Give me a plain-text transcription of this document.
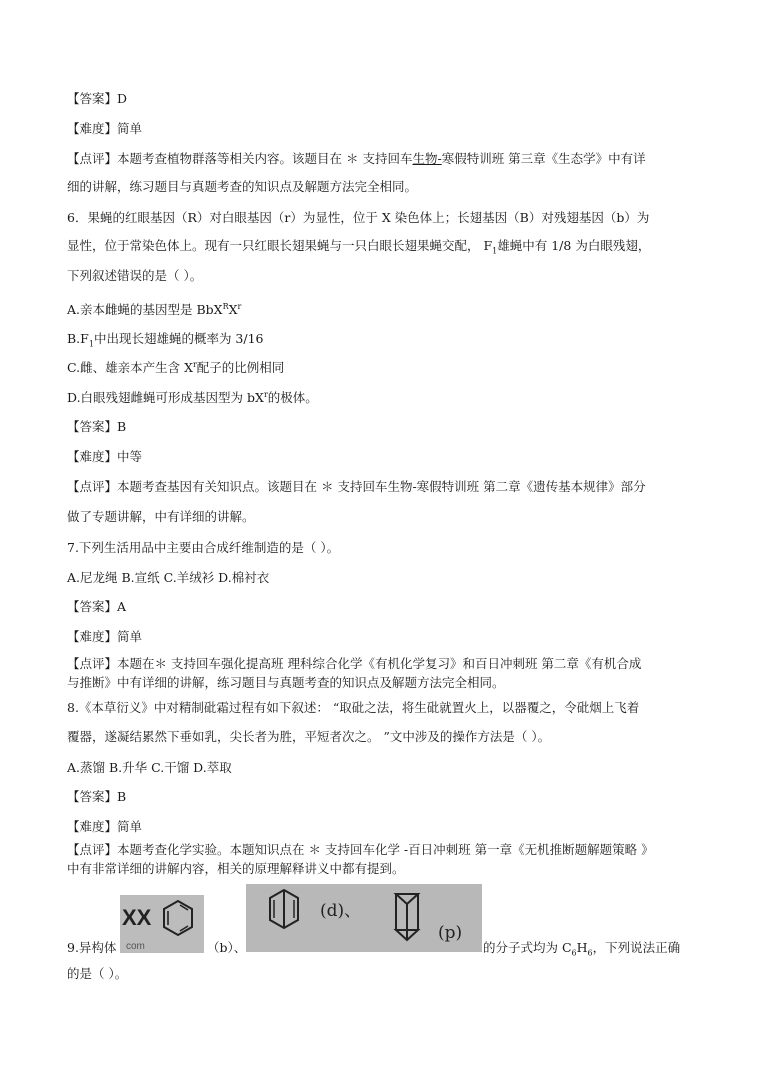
【答案】D

【难度】简单

【点评】本题考查植物群落等相关内容。该题目在 ＊ 支持回车生物-寒假特训班 第三章《生态学》中有详

细的讲解，练习题目与真题考查的知识点及解题方法完全相同。

6．果蝇的红眼基因（R）对白眼基因（r）为显性，位于 X 染色体上；长翅基因（B）对残翅基因（b）为

显性，位于常染色体上。现有一只红眼长翅果蝇与一只白眼长翅果蝇交配， $F_1$雄蝇中有 1/8 为白眼残翅，

下列叙述错误的是（ ）。

A.亲本雌蝇的基因型是 $BbX^RX^r$

$B.F_1$中出现长翅雄蝇的概率为 3/16

C.雌、雄亲本产生含 $X^r$配子的比例相同

D.白眼残翅雌蝇可形成基因型为 $bX^r$的极体。

【答案】B

【难度】中等

【点评】本题考查基因有关知识点。该题目在 ＊ 支持回车生物-寒假特训班 第二章《遗传基本规律》部分

做了专题讲解，中有详细的讲解。

7.下列生活用品中主要由合成纤维制造的是（ ）。

A.尼龙绳 B.宣纸 C.羊绒衫 D.棉衬衣

【答案】A

【难度】简单

【点评】本题在＊ 支持回车强化提高班 理科综合化学《有机化学复习》和百日冲刺班 第二章《有机合成

与推断》中有详细的讲解，练习题目与真题考查的知识点及解题方法完全相同。

8.《本草衍义》中对精制砒霜过程有如下叙述： “取砒之法，将生砒就置火上，以器覆之，令砒烟上飞着

覆器，遂凝结累然下垂如乳，尖长者为胜，平短者次之。 ”文中涉及的操作方法是（ ）。

A.蒸馏 B.升华 C.干馏 D.萃取

【答案】B

【难度】简单

【点评】本题考查化学实验。本题知识点在 ＊ 支持回车化学 -百日冲刺班 第一章《无机推断题解题策略 》

中有非常详细的讲解内容，相关的原理解释讲义中都有提到。

XX
com
(d)、
(p)

9.异构体	（b）、	的分子式均为 $C_6H_6$，下列说法正确

的是（ ）。
